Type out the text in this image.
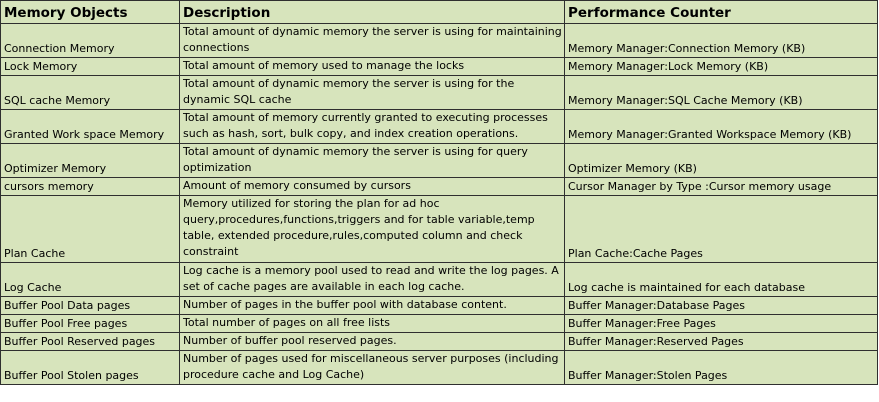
Memory Objects	Description	Performance Counter
Connection Memory	Total amount of dynamic memory the server is using for maintaining connections	Memory Manager:Connection Memory (KB)
Lock Memory	Total amount of memory used to manage the locks	Memory Manager:Lock Memory (KB)
SQL cache Memory	Total amount of dynamic memory the server is using for the dynamic SQL cache	Memory Manager:SQL Cache Memory (KB)
Granted Work space Memory	Total amount of memory currently granted to executing processes such as hash, sort, bulk copy, and index creation operations.	Memory Manager:Granted Workspace Memory (KB)
Optimizer Memory	Total amount of dynamic memory the server is using for query optimization	Optimizer Memory (KB)
cursors memory	Amount of memory consumed by cursors	Cursor Manager by Type :Cursor memory usage
Plan Cache	Memory utilized for storing the plan for ad hoc query,procedures,functions,triggers and for table variable,temp table, extended procedure,rules,computed column and check constraint	Plan Cache:Cache Pages
Log Cache	Log cache is a memory pool used to read and write the log pages. A set of cache pages are available in each log cache.	Log cache is maintained for each database
Buffer Pool Data pages	Number of pages in the buffer pool with database content.	Buffer Manager:Database Pages
Buffer Pool Free pages	Total number of pages on all free lists	Buffer Manager:Free Pages
Buffer Pool Reserved pages	Number of buffer pool reserved pages.	Buffer Manager:Reserved Pages
Buffer Pool Stolen pages	Number of pages used for miscellaneous server purposes (including procedure cache and Log Cache)	Buffer Manager:Stolen Pages
